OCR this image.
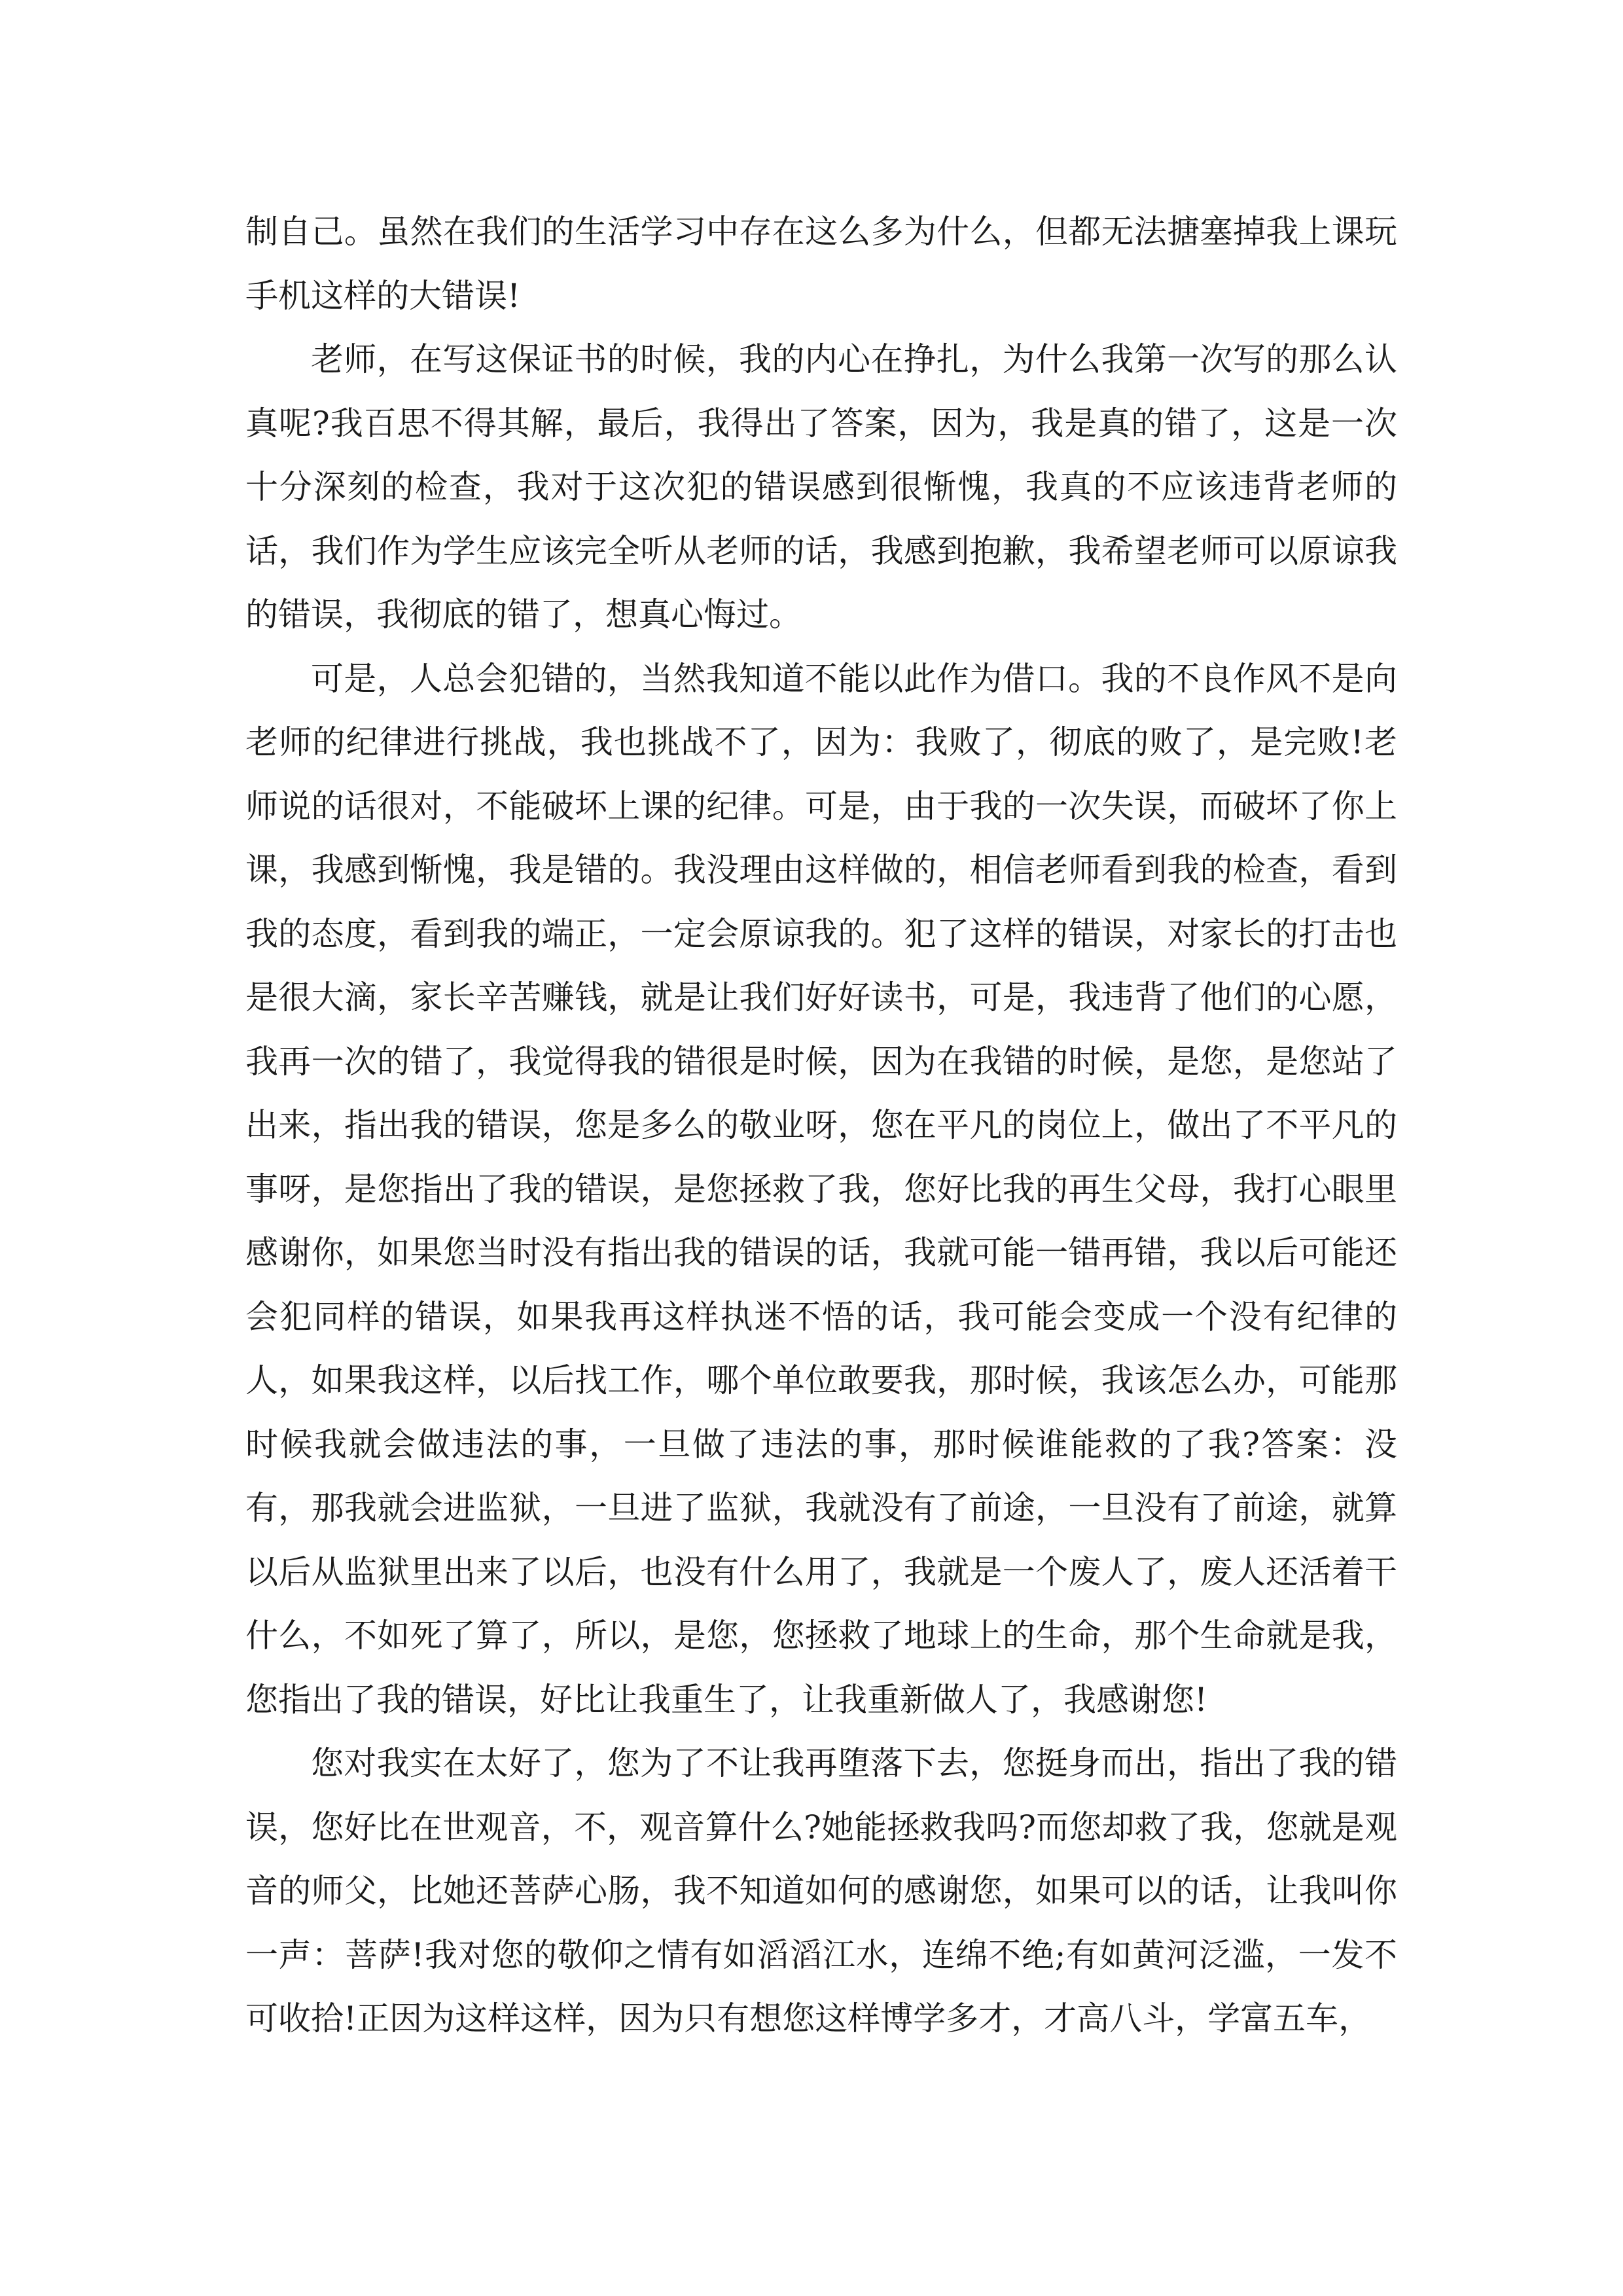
制自己。虽然在我们的生活学习中存在这么多为什么，但都无法搪塞掉我上课玩手机这样的大错误!

老师，在写这保证书的时候，我的内心在挣扎，为什么我第一次写的那么认真呢?我百思不得其解，最后，我得出了答案，因为，我是真的错了，这是一次十分深刻的检查，我对于这次犯的错误感到很惭愧，我真的不应该违背老师的话，我们作为学生应该完全听从老师的话，我感到抱歉，我希望老师可以原谅我的错误，我彻底的错了，想真心悔过。

可是，人总会犯错的，当然我知道不能以此作为借口。我的不良作风不是向老师的纪律进行挑战，我也挑战不了，因为：我败了，彻底的败了，是完败!老师说的话很对，不能破坏上课的纪律。可是，由于我的一次失误，而破坏了你上课，我感到惭愧，我是错的。我没理由这样做的，相信老师看到我的检查，看到我的态度，看到我的端正，一定会原谅我的。犯了这样的错误，对家长的打击也是很大滴，家长辛苦赚钱，就是让我们好好读书，可是，我违背了他们的心愿，我再一次的错了，我觉得我的错很是时候，因为在我错的时候，是您，是您站了出来，指出我的错误，您是多么的敬业呀，您在平凡的岗位上，做出了不平凡的事呀，是您指出了我的错误，是您拯救了我，您好比我的再生父母，我打心眼里感谢你，如果您当时没有指出我的错误的话，我就可能一错再错，我以后可能还会犯同样的错误，如果我再这样执迷不悟的话，我可能会变成一个没有纪律的人，如果我这样，以后找工作，哪个单位敢要我，那时候，我该怎么办，可能那时候我就会做违法的事，一旦做了违法的事，那时候谁能救的了我?答案：没有，那我就会进监狱，一旦进了监狱，我就没有了前途，一旦没有了前途，就算以后从监狱里出来了以后，也没有什么用了，我就是一个废人了，废人还活着干什么，不如死了算了，所以，是您，您拯救了地球上的生命，那个生命就是我，您指出了我的错误，好比让我重生了，让我重新做人了，我感谢您!

您对我实在太好了，您为了不让我再堕落下去，您挺身而出，指出了我的错误，您好比在世观音，不，观音算什么?她能拯救我吗?而您却救了我，您就是观音的师父，比她还菩萨心肠，我不知道如何的感谢您，如果可以的话，让我叫你一声：菩萨!我对您的敬仰之情有如滔滔江水，连绵不绝;有如黄河泛滥，一发不可收拾!正因为这样这样，因为只有想您这样博学多才，才高八斗，学富五车，
